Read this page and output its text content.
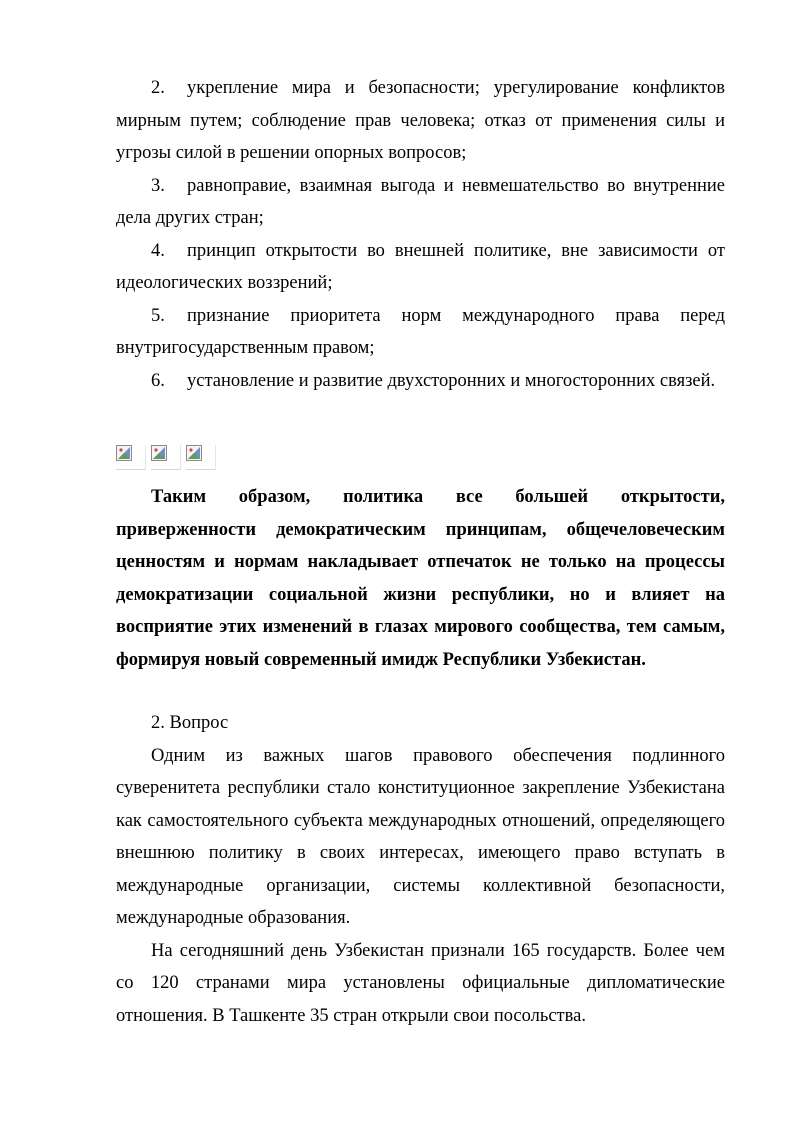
2. укрепление мира и безопасности; урегулирование конфликтов мирным путем; соблюдение прав человека; отказ от применения силы и угрозы силой в решении опорных вопросов;

3. равноправие, взаимная выгода и невмешательство во внутренние дела других стран;

4. принцип открытости во внешней политике, вне зависимости от идеологических воззрений;

5. признание приоритета норм международного права перед внутригосударственным правом;

6. установление и развитие двухсторонних и многосторонних связей.

Таким образом, политика все большей открытости, приверженности демократическим принципам, общечеловеческим ценностям и нормам накладывает отпечаток не только на процессы демократизации социальной жизни республики, но и влияет на восприятие этих изменений в глазах мирового сообщества, тем самым, формируя новый современный имидж Республики Узбекистан.

2. Вопрос

Одним из важных шагов правового обеспечения подлинного суверенитета республики стало конституционное закрепление Узбекистана как самостоятельного субъекта международных отношений, определяющего внешнюю политику в своих интересах, имеющего право вступать в международные организации, системы коллективной безопасности, международные образования.

На сегодняшний день Узбекистан признали 165 государств. Более чем со 120 странами мира установлены официальные дипломатические отношения. В Ташкенте 35 стран открыли свои посольства.
